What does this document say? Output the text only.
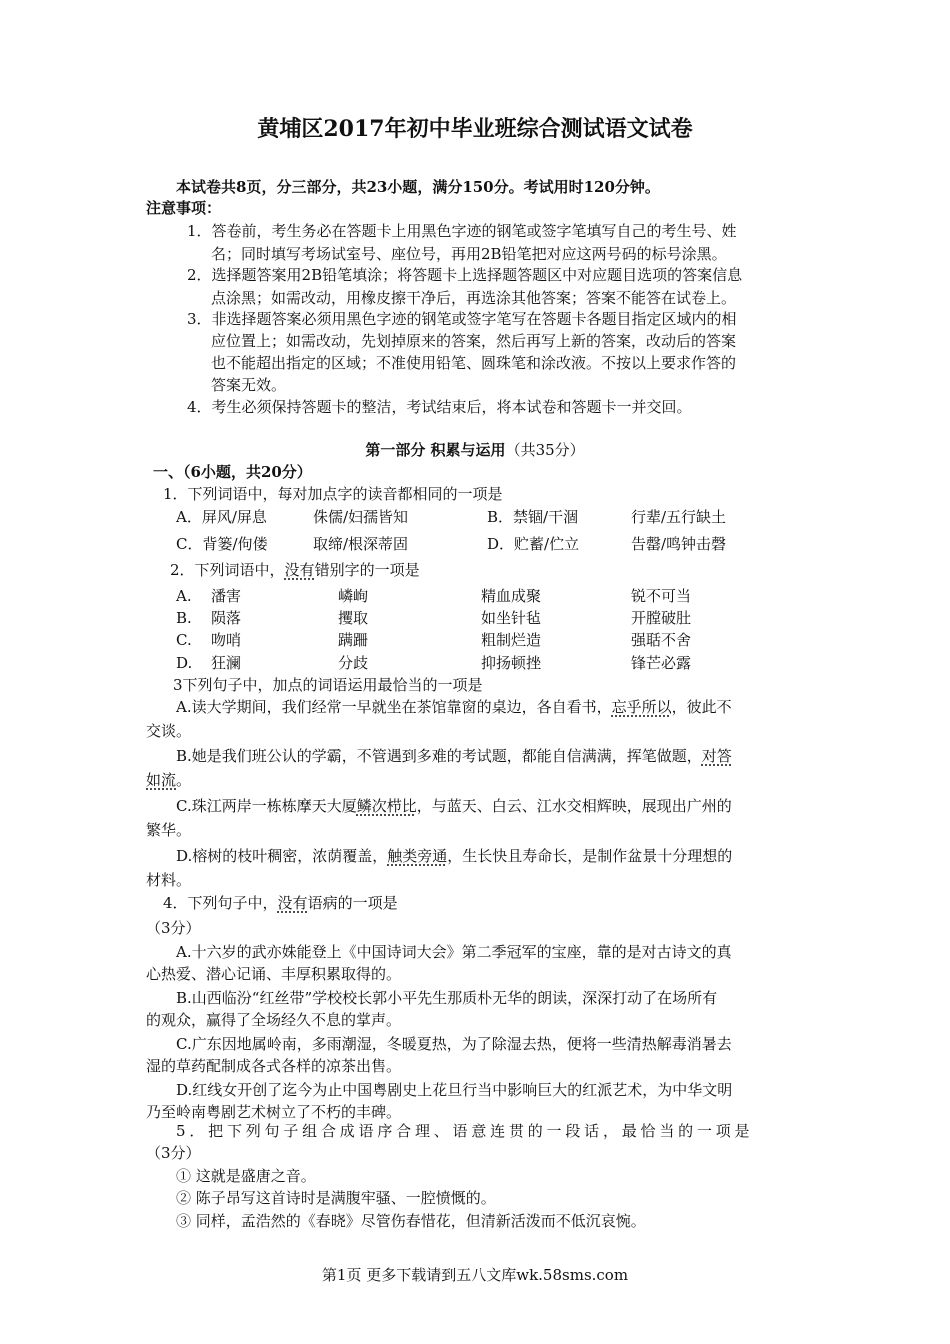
黄埔区2017年初中毕业班综合测试语文试卷
本试卷共8页，分三部分，共23小题，满分150分。考试用时120分钟。
注意事项：
1．答卷前，考生务必在答题卡上用黑色字迹的钢笔或签字笔填写自己的考生号、姓
名；同时填写考场试室号、座位号，再用2B铅笔把对应这两号码的标号涂黑。
2．选择题答案用2B铅笔填涂；将答题卡上选择题答题区中对应题目选项的答案信息
点涂黑；如需改动，用橡皮擦干净后，再选涂其他答案；答案不能答在试卷上。
3．非选择题答案必须用黑色字迹的钢笔或签字笔写在答题卡各题目指定区域内的相
应位置上；如需改动，先划掉原来的答案，然后再写上新的答案，改动后的答案
也不能超出指定的区域；不准使用铅笔、圆珠笔和涂改液。不按以上要求作答的
答案无效。
4．考生必须保持答题卡的整洁，考试结束后，将本试卷和答题卡一并交回。
第一部分 积累与运用（共35分）
一、（6小题，共20分）
1．下列词语中，每对加点字的读音都相同的一项是
A．屏风/屏息	侏儒/妇孺皆知	B．禁锢/干涸	行辈/五行缺土
C．背篓/佝偻	取缔/根深蒂固	D．贮蓄/伫立	告罄/鸣钟击磬
2．下列词语中，没有错别字的一项是
A. 潘害	嶙峋	精血成聚	锐不可当
B. 陨落	攫取	如坐针毡	开膛破肚
C. 吻哨	蹒跚	粗制烂造	强聒不舍
D. 狂澜	分歧	抑扬顿挫	锋芒必露
3下列句子中，加点的词语运用最恰当的一项是
A.读大学期间，我们经常一早就坐在茶馆靠窗的桌边，各自看书，忘乎所以，彼此不
交谈。
B.她是我们班公认的学霸，不管遇到多难的考试题，都能自信满满，挥笔做题，对答
如流。
C.珠江两岸一栋栋摩天大厦鳞次栉比，与蓝天、白云、江水交相辉映，展现出广州的
繁华。
D.榕树的枝叶稠密，浓荫覆盖，触类旁通，生长快且寿命长，是制作盆景十分理想的
材料。
4．下列句子中，没有语病的一项是
（3分）
A.十六岁的武亦姝能登上《中国诗词大会》第二季冠军的宝座，靠的是对古诗文的真
心热爱、潜心记诵、丰厚积累取得的。
B.山西临汾“红丝带”学校校长郭小平先生那质朴无华的朗读，深深打动了在场所有
的观众，赢得了全场经久不息的掌声。
C.广东因地属岭南，多雨潮湿，冬暖夏热，为了除湿去热，便将一些清热解毒消暑去
湿的草药配制成各式各样的凉茶出售。
D.红线女开创了迄今为止中国粤剧史上花旦行当中影响巨大的红派艺术，为中华文明
乃至岭南粤剧艺术树立了不朽的丰碑。
5．把下列句子组合成语序合理、语意连贯的一段话，最恰当的一项是
（3分）
① 这就是盛唐之音。
② 陈子昂写这首诗时是满腹牢骚、一腔愤慨的。
③ 同样，孟浩然的《春晓》尽管伤春惜花，但清新活泼而不低沉哀惋。
第1页 更多下载请到五八文库wk.58sms.com
